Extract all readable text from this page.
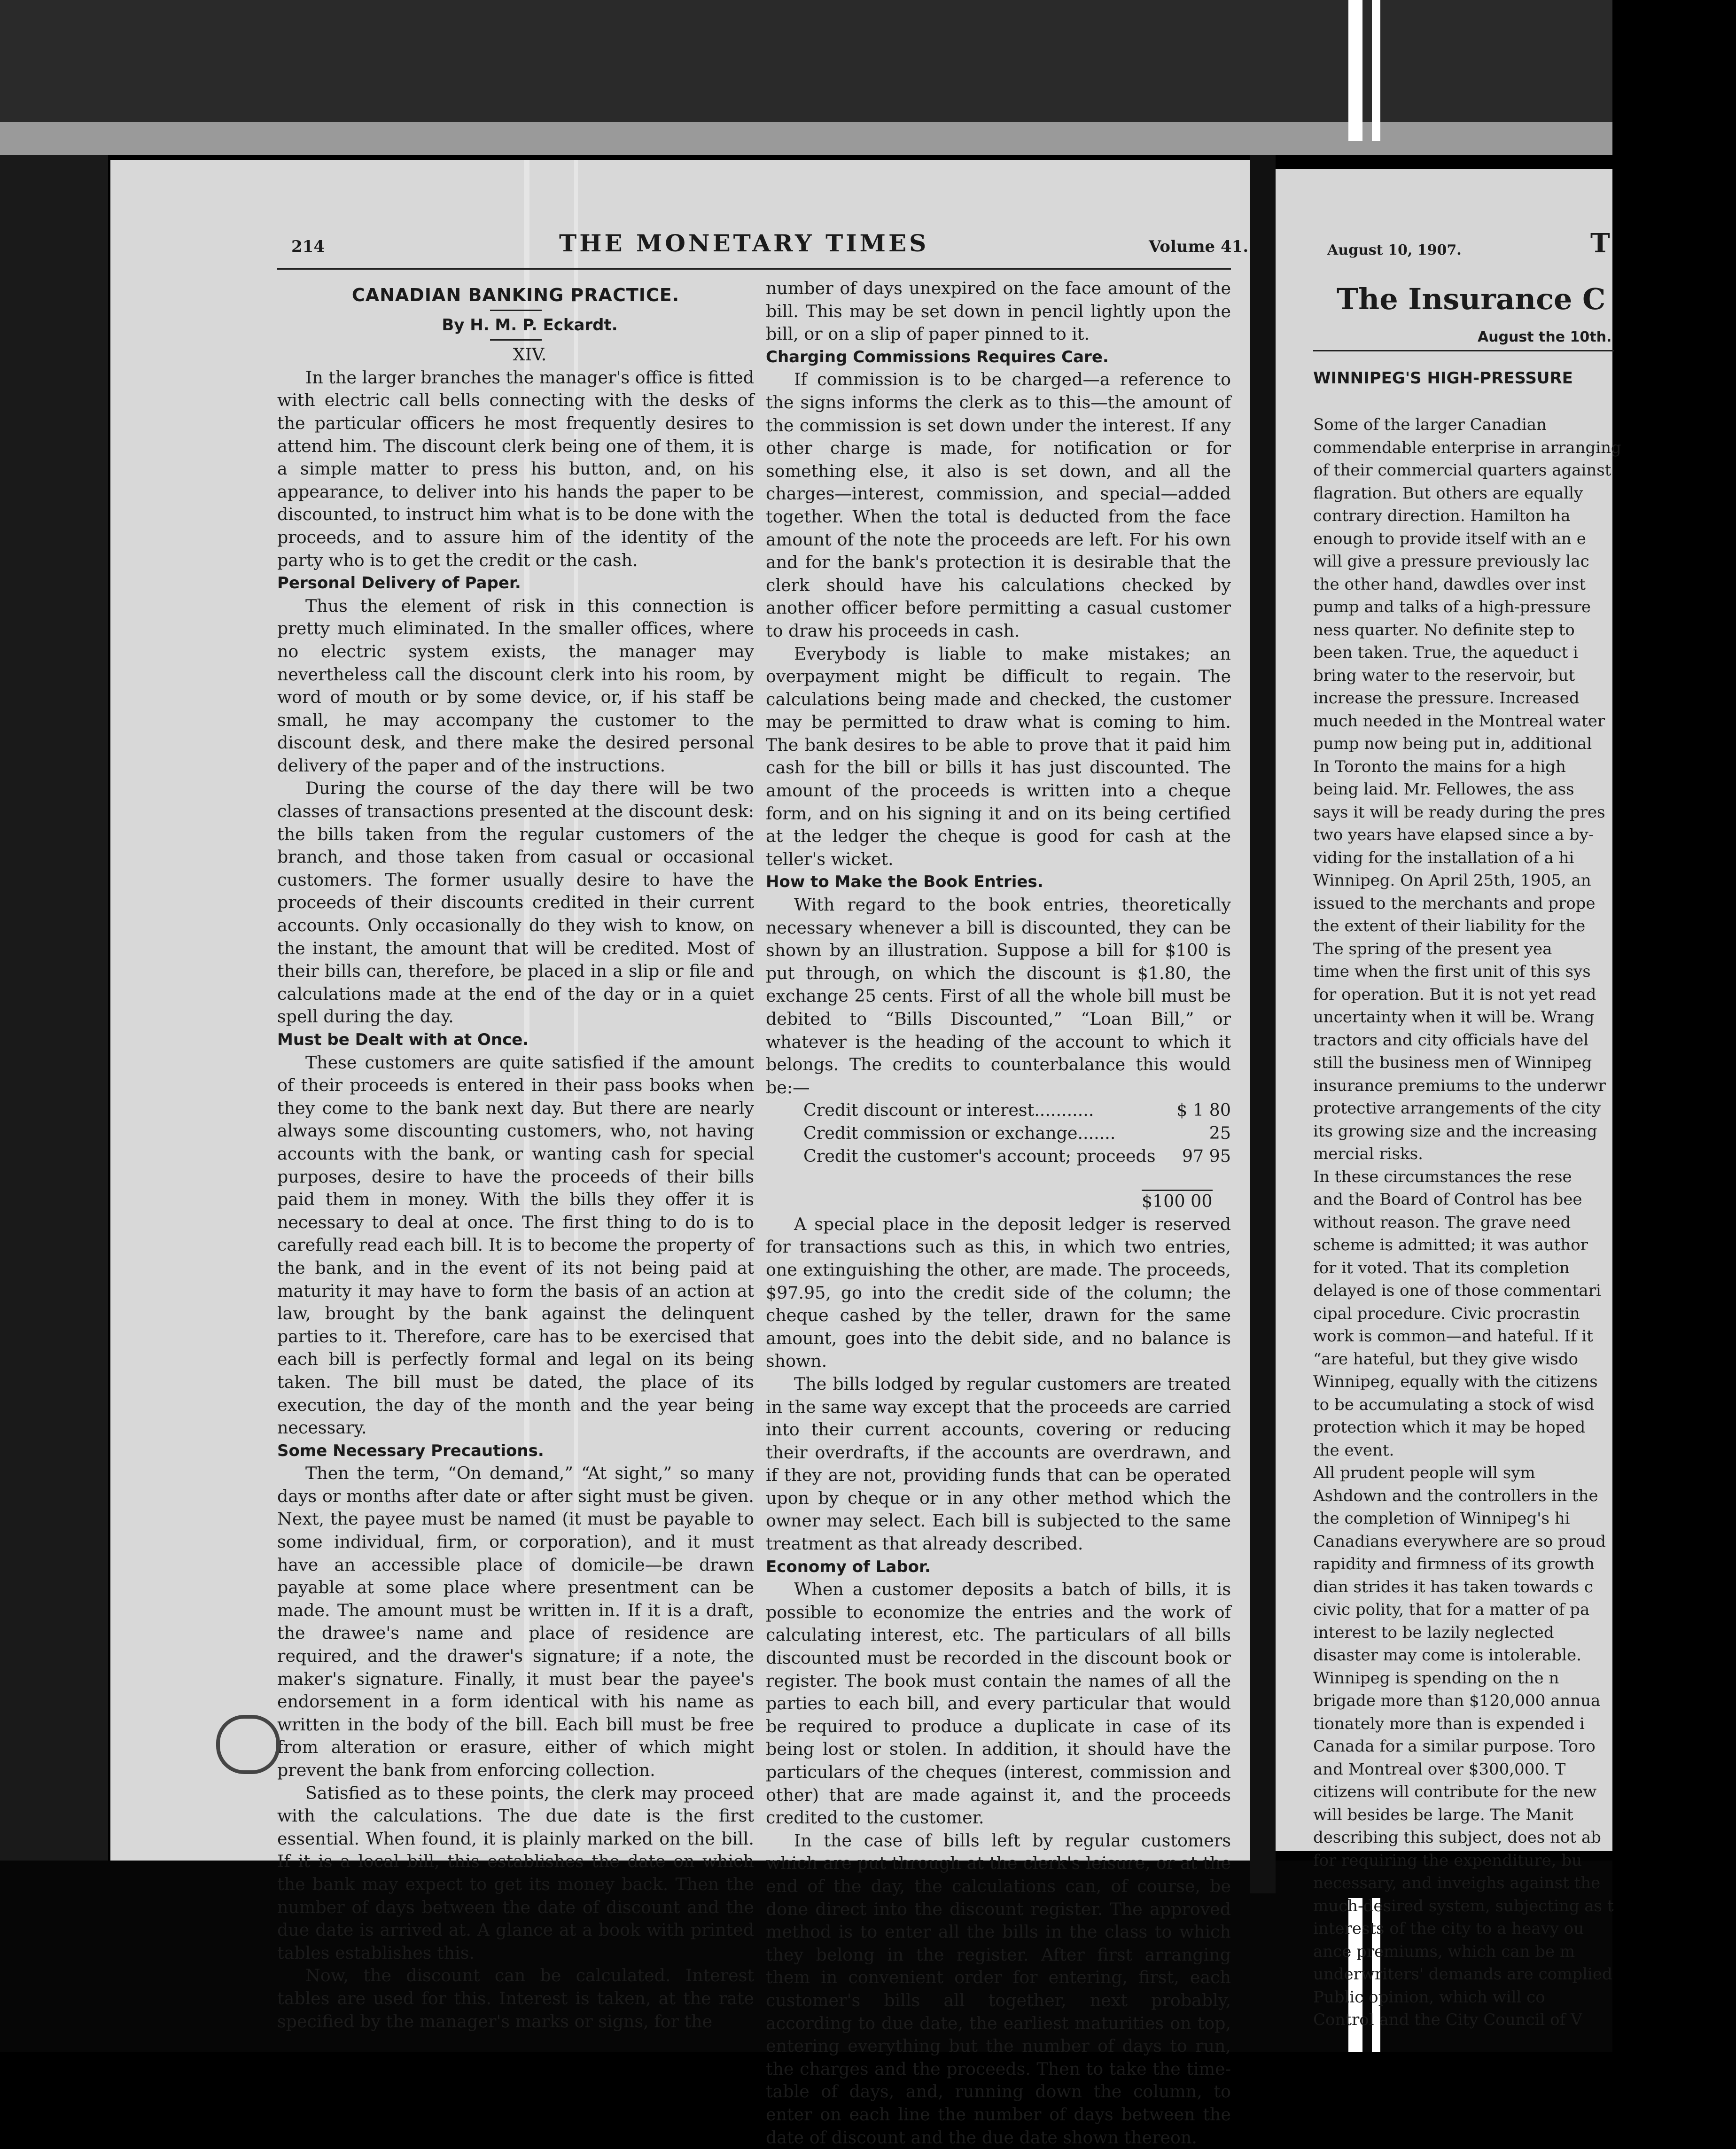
214	THE MONETARY TIMES	Volume 41.
CANADIAN BANKING PRACTICE.
By H. M. P. Eckardt.
XIV.

In the larger branches the manager's office is fitted with electric call bells connecting with the desks of the particular officers he most frequently desires to attend him. The discount clerk being one of them, it is a simple matter to press his button, and, on his appearance, to deliver into his hands the paper to be discounted, to instruct him what is to be done with the proceeds, and to assure him of the identity of the party who is to get the credit or the cash.

Personal Delivery of Paper.

Thus the element of risk in this connection is pretty much eliminated. In the smaller offices, where no electric system exists, the manager may nevertheless call the discount clerk into his room, by word of mouth or by some device, or, if his staff be small, he may accompany the customer to the discount desk, and there make the desired personal delivery of the paper and of the instructions.

During the course of the day there will be two classes of transactions presented at the discount desk: the bills taken from the regular customers of the branch, and those taken from casual or occasional customers. The former usually desire to have the proceeds of their discounts credited in their current accounts. Only occasionally do they wish to know, on the instant, the amount that will be credited. Most of their bills can, therefore, be placed in a slip or file and calculations made at the end of the day or in a quiet spell during the day.

Must be Dealt with at Once.

These customers are quite satisfied if the amount of their proceeds is entered in their pass books when they come to the bank next day. But there are nearly always some discounting customers, who, not having accounts with the bank, or wanting cash for special purposes, desire to have the proceeds of their bills paid them in money. With the bills they offer it is necessary to deal at once. The first thing to do is to carefully read each bill. It is to become the property of the bank, and in the event of its not being paid at maturity it may have to form the basis of an action at law, brought by the bank against the delinquent parties to it. Therefore, care has to be exercised that each bill is perfectly formal and legal on its being taken. The bill must be dated, the place of its execution, the day of the month and the year being necessary.

Some Necessary Precautions.

Then the term, “On demand,” “At sight,” so many days or months after date or after sight must be given. Next, the payee must be named (it must be payable to some individual, firm, or corporation), and it must have an accessible place of domicile—be drawn payable at some place where presentment can be made. The amount must be written in. If it is a draft, the drawee's name and place of residence are required, and the drawer's signature; if a note, the maker's signature. Finally, it must bear the payee's endorsement in a form identical with his name as written in the body of the bill. Each bill must be free from alteration or erasure, either of which might prevent the bank from enforcing collection.

Satisfied as to these points, the clerk may proceed with the calculations. The due date is the first essential. When found, it is plainly marked on the bill. If it is a local bill, this establishes the date on which the bank may expect to get its money back. Then the number of days between the date of discount and the due date is arrived at. A glance at a book with printed tables establishes this.

Now, the discount can be calculated. Interest tables are used for this. Interest is taken, at the rate specified by the manager's marks or signs, for the

number of days unexpired on the face amount of the bill. This may be set down in pencil lightly upon the bill, or on a slip of paper pinned to it.

Charging Commissions Requires Care.

If commission is to be charged—a reference to the signs informs the clerk as to this—the amount of the commission is set down under the interest. If any other charge is made, for notification or for something else, it also is set down, and all the charges—interest, commission, and special—added together. When the total is deducted from the face amount of the note the proceeds are left. For his own and for the bank's protection it is desirable that the clerk should have his calculations checked by another officer before permitting a casual customer to draw his proceeds in cash.

Everybody is liable to make mistakes; an overpayment might be difficult to regain. The calculations being made and checked, the customer may be permitted to draw what is coming to him. The bank desires to be able to prove that it paid him cash for the bill or bills it has just discounted. The amount of the proceeds is written into a cheque form, and on his signing it and on its being certified at the ledger the cheque is good for cash at the teller's wicket.

How to Make the Book Entries.

With regard to the book entries, theoretically necessary whenever a bill is discounted, they can be shown by an illustration. Suppose a bill for $100 is put through, on which the discount is $1.80, the exchange 25 cents. First of all the whole bill must be debited to “Bills Discounted,” “Loan Bill,” or whatever is the heading of the account to which it belongs. The credits to counterbalance this would be:—

Credit discount or interest...........	$ 1 80
Credit commission or exchange.......	25
Credit the customer's account; proceeds	97 95
$100 00

A special place in the deposit ledger is reserved for transactions such as this, in which two entries, one extinguishing the other, are made. The proceeds, $97.95, go into the credit side of the column; the cheque cashed by the teller, drawn for the same amount, goes into the debit side, and no balance is shown.

The bills lodged by regular customers are treated in the same way except that the proceeds are carried into their current accounts, covering or reducing their overdrafts, if the accounts are overdrawn, and if they are not, providing funds that can be operated upon by cheque or in any other method which the owner may select. Each bill is subjected to the same treatment as that already described.

Economy of Labor.

When a customer deposits a batch of bills, it is possible to economize the entries and the work of calculating interest, etc. The particulars of all bills discounted must be recorded in the discount book or register. The book must contain the names of all the parties to each bill, and every particular that would be required to produce a duplicate in case of its being lost or stolen. In addition, it should have the particulars of the cheques (interest, commission and other) that are made against it, and the proceeds credited to the customer.

In the case of bills left by regular customers which are put through at the clerk's leisure, or at the end of the day, the calculations can, of course, be done direct into the discount register. The approved method is to enter all the bills in the class to which they belong in the register. After first arranging them in convenient order for entering, first, each customer's bills all together, next probably, according to due date, the earliest maturities on top, entering everything but the number of days to run, the charges and the proceeds. Then to take the time-table of days, and, running down the column, to enter on each line the number of days between the date of discount and the due date shown thereon.

August 10, 1907.	T
The Insurance C
August the 10th.
WINNIPEG'S HIGH-PRESSURE

Some of the larger Canadian

commendable enterprise in arranging

of their commercial quarters against

flagration. But others are equally

contrary direction. Hamilton ha

enough to provide itself with an e

will give a pressure previously lac

the other hand, dawdles over inst

pump and talks of a high-pressure

ness quarter. No definite step to

been taken. True, the aqueduct i

bring water to the reservoir, but

increase the pressure. Increased

much needed in the Montreal water

pump now being put in, additional

In Toronto the mains for a high

being laid. Mr. Fellowes, the ass

says it will be ready during the pres

two years have elapsed since a by-

viding for the installation of a hi

Winnipeg. On April 25th, 1905, an

issued to the merchants and prope

the extent of their liability for the

The spring of the present yea

time when the first unit of this sys

for operation. But it is not yet read

uncertainty when it will be. Wrang

tractors and city officials have del

still the business men of Winnipeg

insurance premiums to the underwr

protective arrangements of the city

its growing size and the increasing

mercial risks.

In these circumstances the rese

and the Board of Control has bee

without reason. The grave need

scheme is admitted; it was author

for it voted. That its completion

delayed is one of those commentari

cipal procedure. Civic procrastin

work is common—and hateful. If it

“are hateful, but they give wisdo

Winnipeg, equally with the citizens

to be accumulating a stock of wisd

protection which it may be hoped

the event.

All prudent people will sym

Ashdown and the controllers in the

the completion of Winnipeg's hi

Canadians everywhere are so proud

rapidity and firmness of its growth

dian strides it has taken towards c

civic polity, that for a matter of pa

interest to be lazily neglected

disaster may come is intolerable.

Winnipeg is spending on the n

brigade more than $120,000 annua

tionately more than is expended i

Canada for a similar purpose. Toro

and Montreal over $300,000. T

citizens will contribute for the new

will besides be large. The Manit

describing this subject, does not ab

for requiring the expenditure, bu

necessary, and inveighs against the

much-desired system, subjecting as t

interests of the city to a heavy ou

ance premiums, which can be m

underwriters' demands are complied

Public opinion, which will co

Control and the City Council of V
